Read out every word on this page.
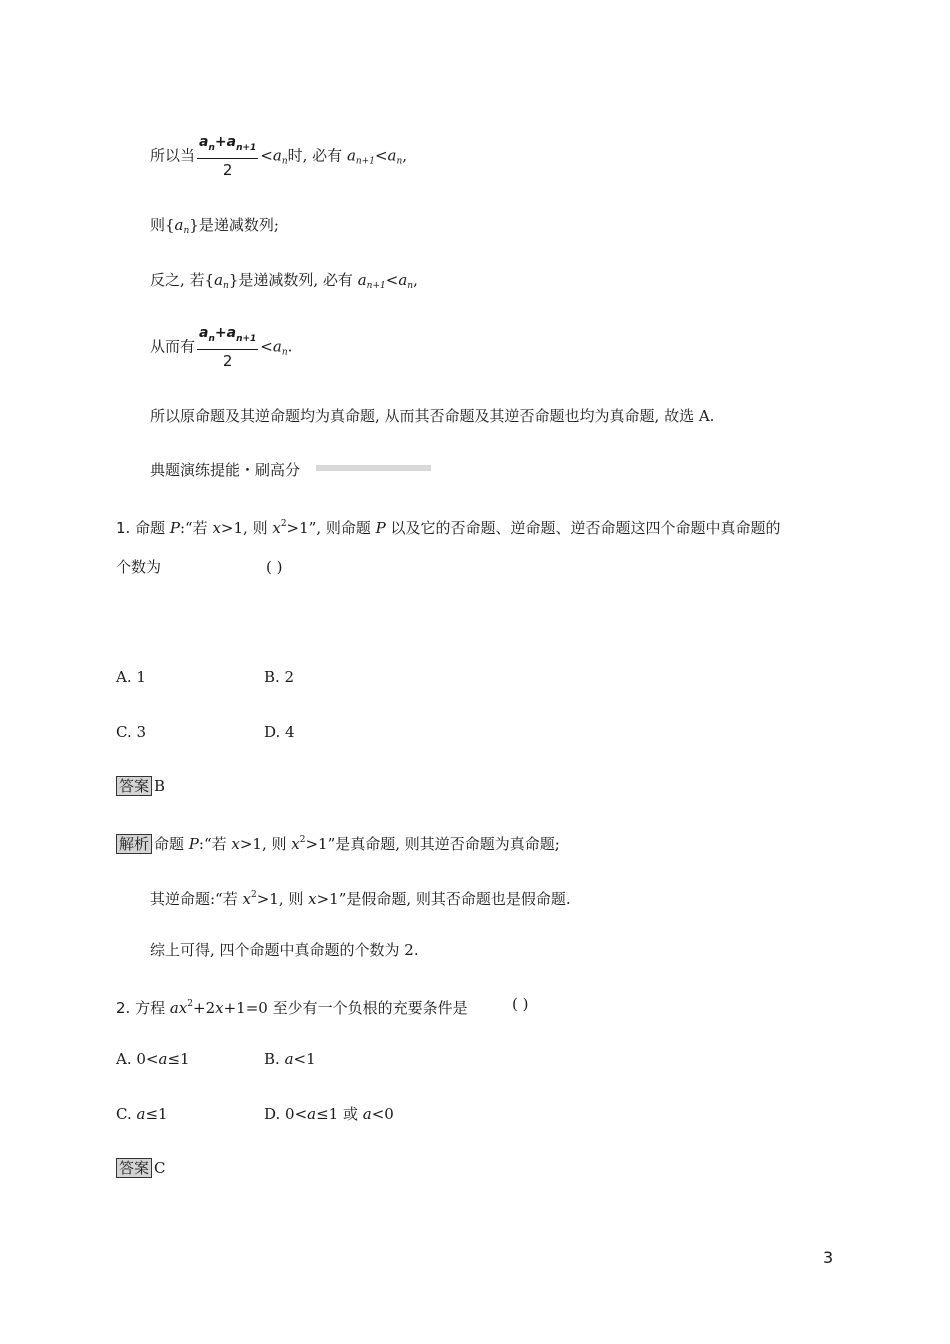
所以当 $\frac{a_n+a_{n+1}}{2} <a_n$时, 必有 $a_{n+1}<a_n$,
则$\{a_n\}$是递减数列;
反之, 若$\{a_n\}$是递减数列, 必有 $a_{n+1}<a_n$,
从而有 $\frac{a_n+a_{n+1}}{2} <a_n$.
所以原命题及其逆命题均为真命题, 从而其否命题及其逆否命题也均为真命题, 故选 A.
典题演练提能・刷高分
1. 命题 P:“若 x>1, 则 $x^2>1$”, 则命题 P 以及它的否命题、逆命题、逆否命题这四个命题中真命题的
个数为	( )
A. 1	B. 2
C. 3	D. 4
答案 B
解析 命题 P:“若 x>1, 则 $x^2>1$”是真命题, 则其逆否命题为真命题;
其逆命题:“若 $x^2>1$, 则 x>1”是假命题, 则其否命题也是假命题.
综上可得, 四个命题中真命题的个数为 2.
2. 方程 $ax^2+2x+1=0$ 至少有一个负根的充要条件是	( )
A. 0<a≤1	B. a<1
C. a≤1	D. 0<a≤1 或 a<0
答案 C
3
